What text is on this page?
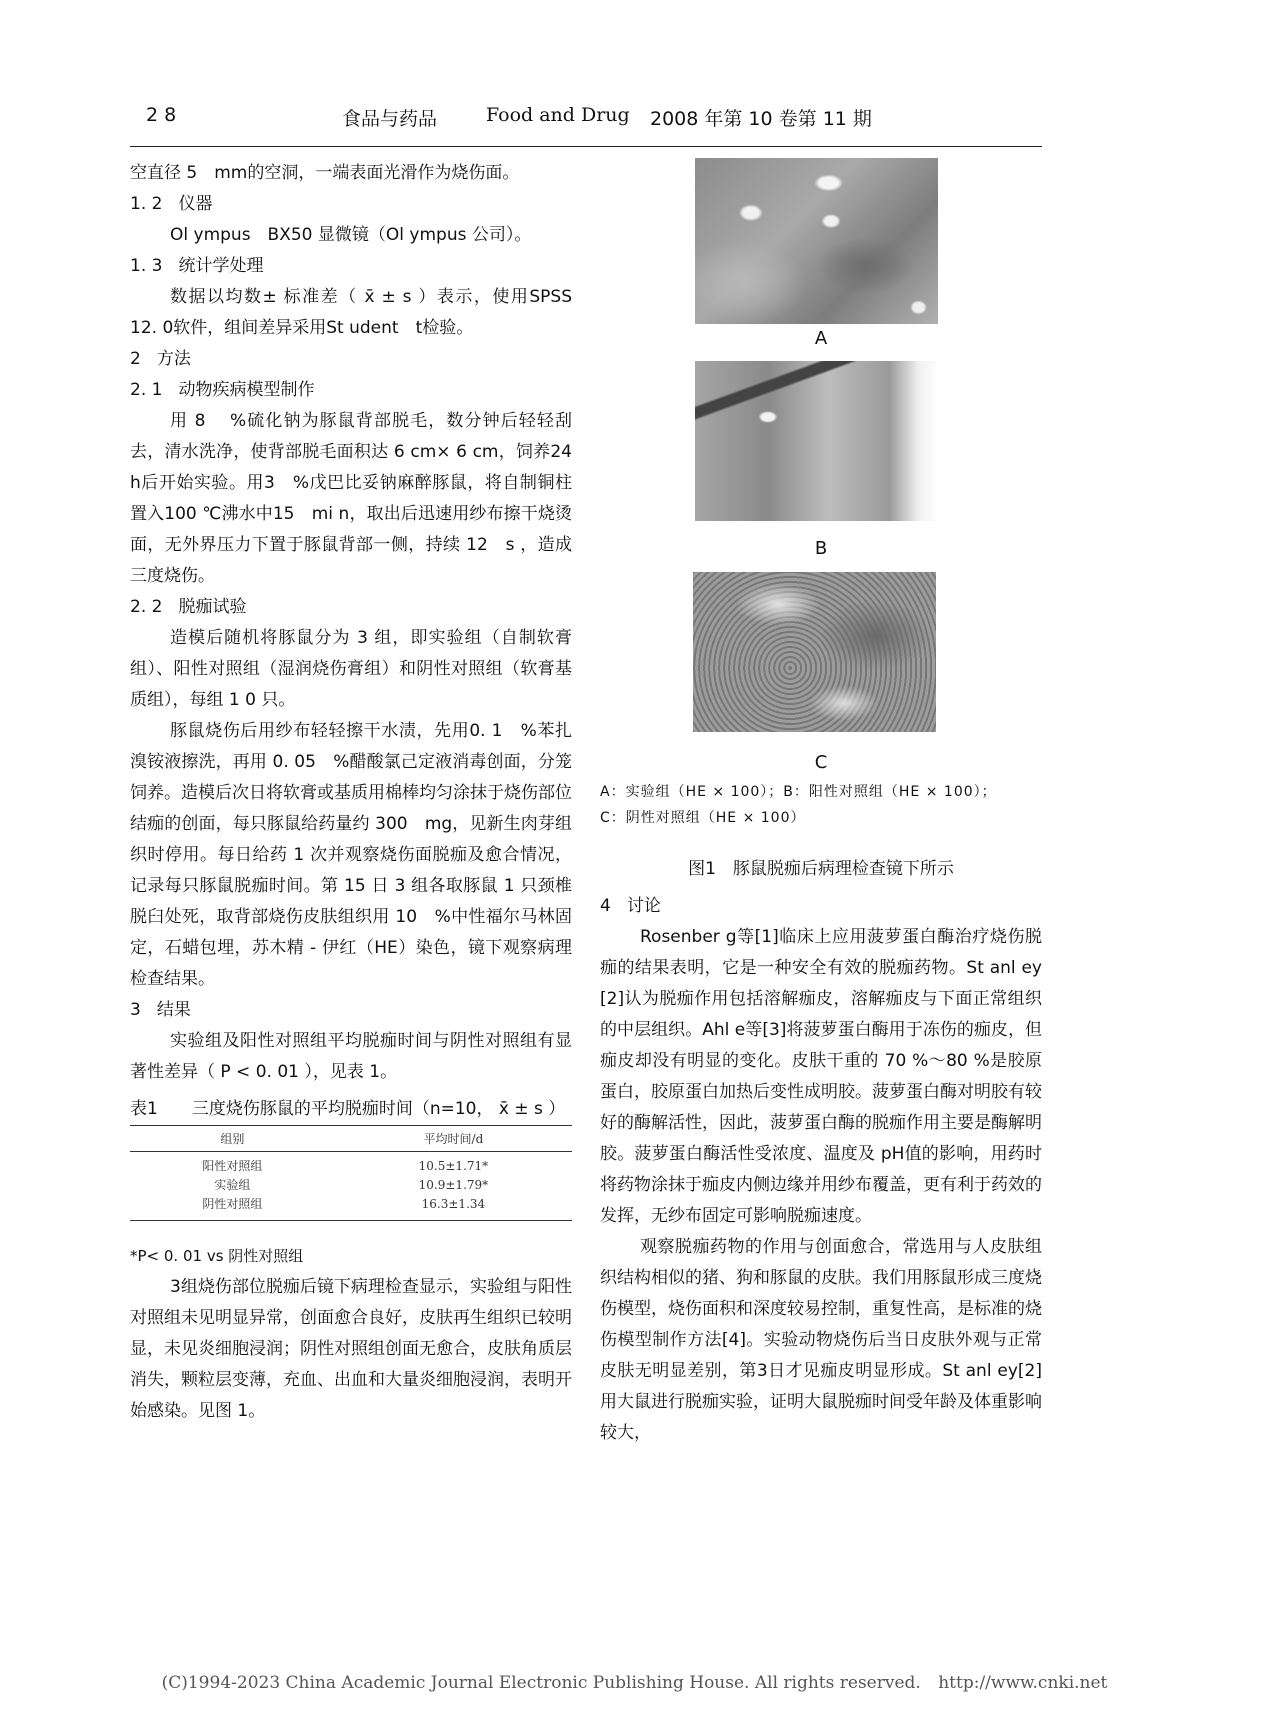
2 8	食品与药品	Food and Drug 2008 年第 10 卷第 11 期

空直径 5　mm的空洞，一端表面光滑作为烧伤面。

1. 2 仪器

Ol ympus　BX50 显微镜（Ol ympus 公司）。

1. 3 统计学处理

数据以均数± 标准差（ x̄ ± s ）表示，使用SPSS 12. 0软件，组间差异采用St udent　t检验。

2 方法

2. 1 动物疾病模型制作

用 8 　%硫化钠为豚鼠背部脱毛，数分钟后轻轻刮去，清水洗净，使背部脱毛面积达 6 cm× 6 cm，饲养24　h后开始实验。用3　%戊巴比妥钠麻醉豚鼠，将自制铜柱置入100 ℃沸水中15　mi n，取出后迅速用纱布擦干烧烫面，无外界压力下置于豚鼠背部一侧，持续 12　s ，造成三度烧伤。

2. 2 脱痂试验

造模后随机将豚鼠分为 3 组，即实验组（自制软膏组）、阳性对照组（湿润烧伤膏组）和阴性对照组（软膏基质组），每组 1 0 只。

豚鼠烧伤后用纱布轻轻擦干水渍，先用0. 1　%苯扎溴铵液擦洗，再用 0. 05　%醋酸氯己定液消毒创面，分笼饲养。造模后次日将软膏或基质用棉棒均匀涂抹于烧伤部位结痂的创面，每只豚鼠给药量约 300　mg，见新生肉芽组织时停用。每日给药 1 次并观察烧伤面脱痂及愈合情况，记录每只豚鼠脱痂时间。第 15 日 3 组各取豚鼠 1 只颈椎脱臼处死，取背部烧伤皮肤组织用 10　%中性福尔马林固定，石蜡包埋，苏木精 - 伊红（HE）染色，镜下观察病理检查结果。

3 结果

实验组及阳性对照组平均脱痂时间与阴性对照组有显著性差异（ P < 0. 01 ），见表 1。

表1　　三度烧伤豚鼠的平均脱痂时间（n=10， x̄ ± s ）

组别	平均时间/d
阳性对照组	10.5±1.71*
实验组	10.9±1.79*
阴性对照组	16.3±1.34

*P< 0. 01 vs 阴性对照组

3组烧伤部位脱痂后镜下病理检查显示，实验组与阳性对照组未见明显异常，创面愈合良好，皮肤再生组织已较明显，未见炎细胞浸润；阴性对照组创面无愈合，皮肤角质层消失，颗粒层变薄，充血、出血和大量炎细胞浸润，表明开始感染。见图 1。

A
B
C

A：实验组（HE × 100）；B：阳性对照组（HE × 100）；

C：阴性对照组（HE × 100）

图1　豚鼠脱痂后病理检查镜下所示

4 讨论

Rosenber g等[1]临床上应用菠萝蛋白酶治疗烧伤脱痂的结果表明，它是一种安全有效的脱痂药物。St anl ey [2]认为脱痂作用包括溶解痂皮，溶解痂皮与下面正常组织的中层组织。Ahl e等[3]将菠萝蛋白酶用于冻伤的痂皮，但痂皮却没有明显的变化。皮肤干重的 70 %～80 %是胶原蛋白，胶原蛋白加热后变性成明胶。菠萝蛋白酶对明胶有较好的酶解活性，因此，菠萝蛋白酶的脱痂作用主要是酶解明胶。菠萝蛋白酶活性受浓度、温度及 pH值的影响，用药时将药物涂抹于痂皮内侧边缘并用纱布覆盖，更有利于药效的发挥，无纱布固定可影响脱痂速度。

观察脱痂药物的作用与创面愈合，常选用与人皮肤组织结构相似的猪、狗和豚鼠的皮肤。我们用豚鼠形成三度烧伤模型，烧伤面积和深度较易控制，重复性高，是标准的烧伤模型制作方法[4]。实验动物烧伤后当日皮肤外观与正常皮肤无明显差别，第3日才见痂皮明显形成。St anl ey[2]用大鼠进行脱痂实验，证明大鼠脱痂时间受年龄及体重影响较大，

(C)1994-2023 China Academic Journal Electronic Publishing House. All rights reserved. http://www.cnki.net
